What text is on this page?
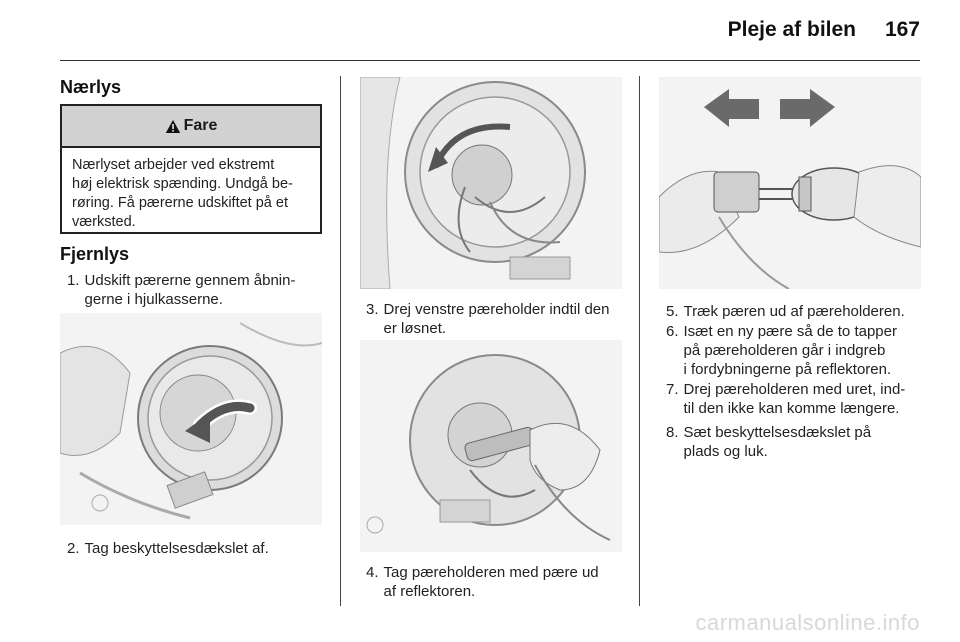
Pleje af bilen 167
Nærlys
Fare
Nærlyset arbejder ved ekstremt
høj elektrisk spænding. Undgå be-
røring. Få pærerne udskiftet på et
værksted.
Fjernlys
1. Udskift pærerne gennem åbnin-
gerne i hjulkasserne.
2. Tag beskyttelsesdækslet af.
3. Drej venstre pæreholder indtil den
er løsnet.
4. Tag pæreholderen med pære ud
af reflektoren.
5. Træk pæren ud af pæreholderen.
6. Isæt en ny pære så de to tapper
på pæreholderen går i indgreb
i fordybningerne på reflektoren.
7. Drej pæreholderen med uret, ind-
til den ikke kan komme længere.
8. Sæt beskyttelsesdækslet på
plads og luk.
carmanualsonline.info
